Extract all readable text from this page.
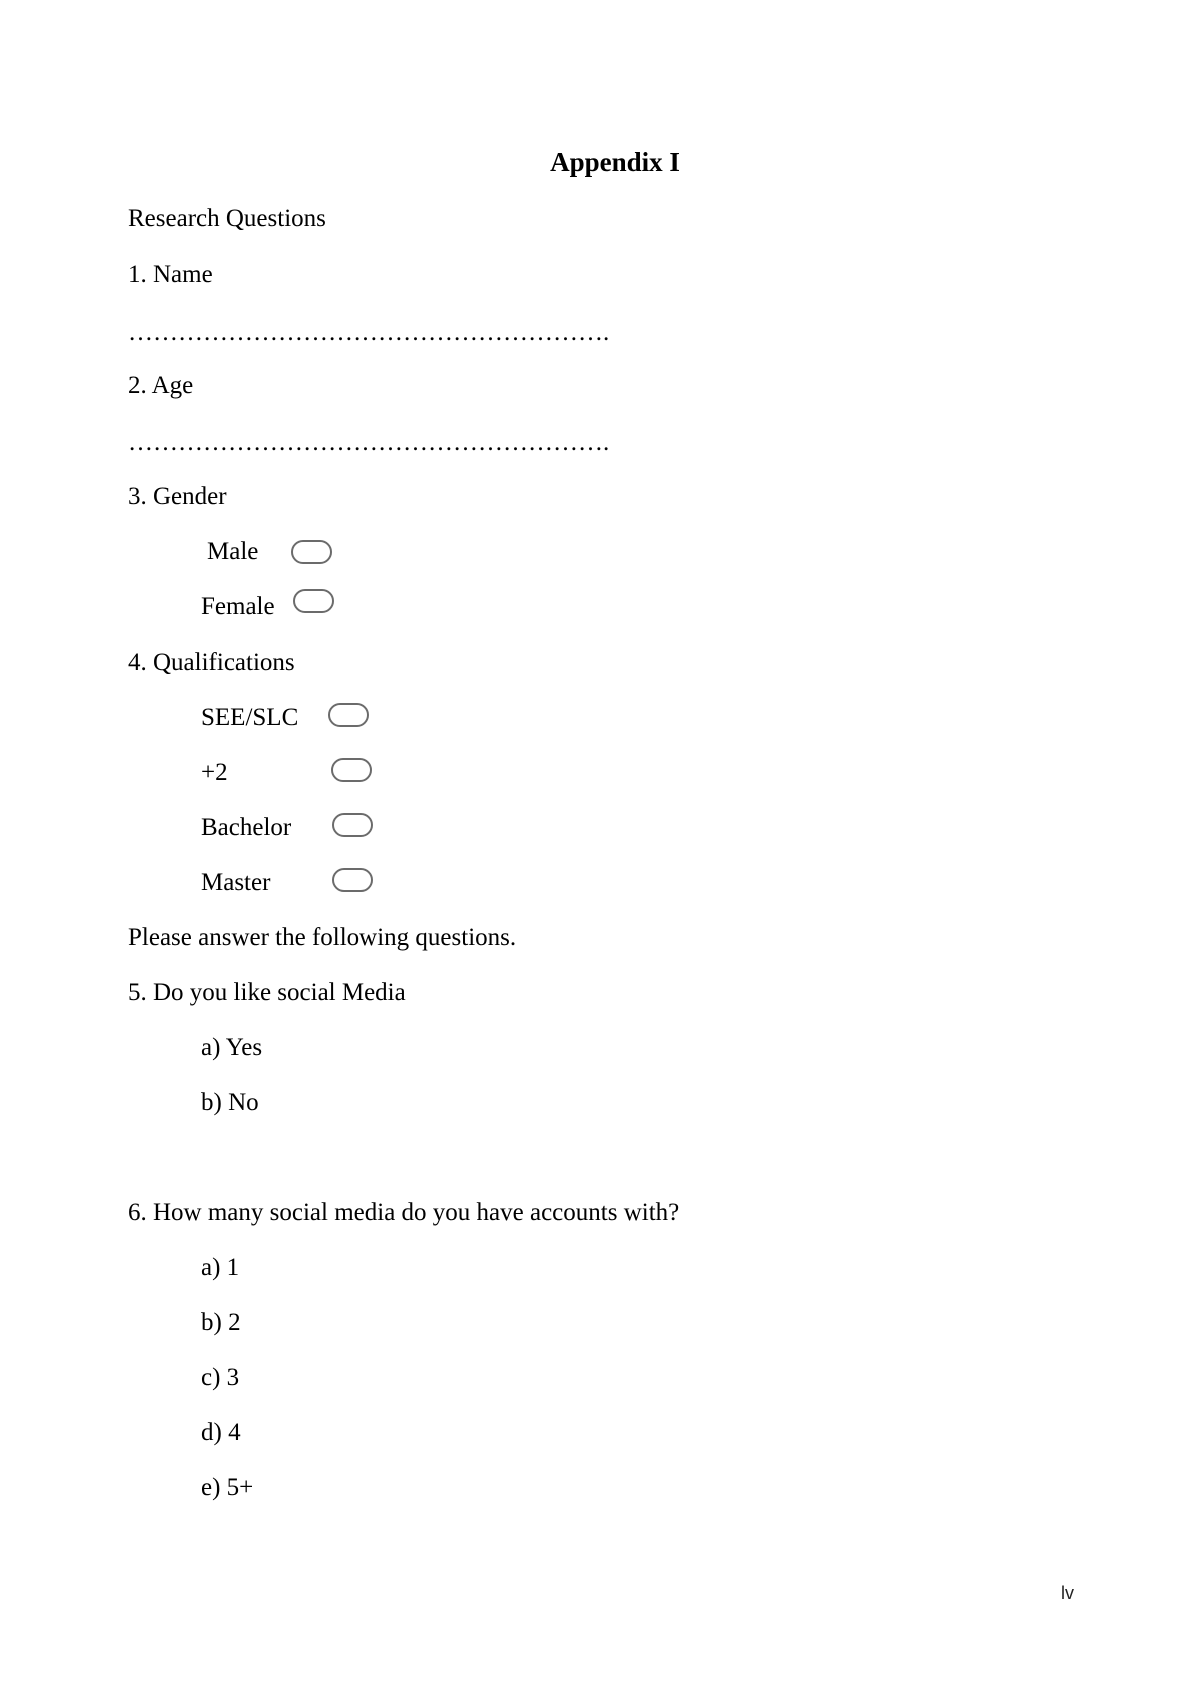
Appendix I
Research Questions
1. Name
………………………………………………….
2. Age
………………………………………………….
3. Gender
Male
Female
4. Qualifications
SEE/SLC
+2
Bachelor
Master
Please answer the following questions.
5. Do you like social Media
a) Yes
b) No
6. How many social media do you have accounts with?
a) 1
b) 2
c) 3
d) 4
e) 5+
lv
